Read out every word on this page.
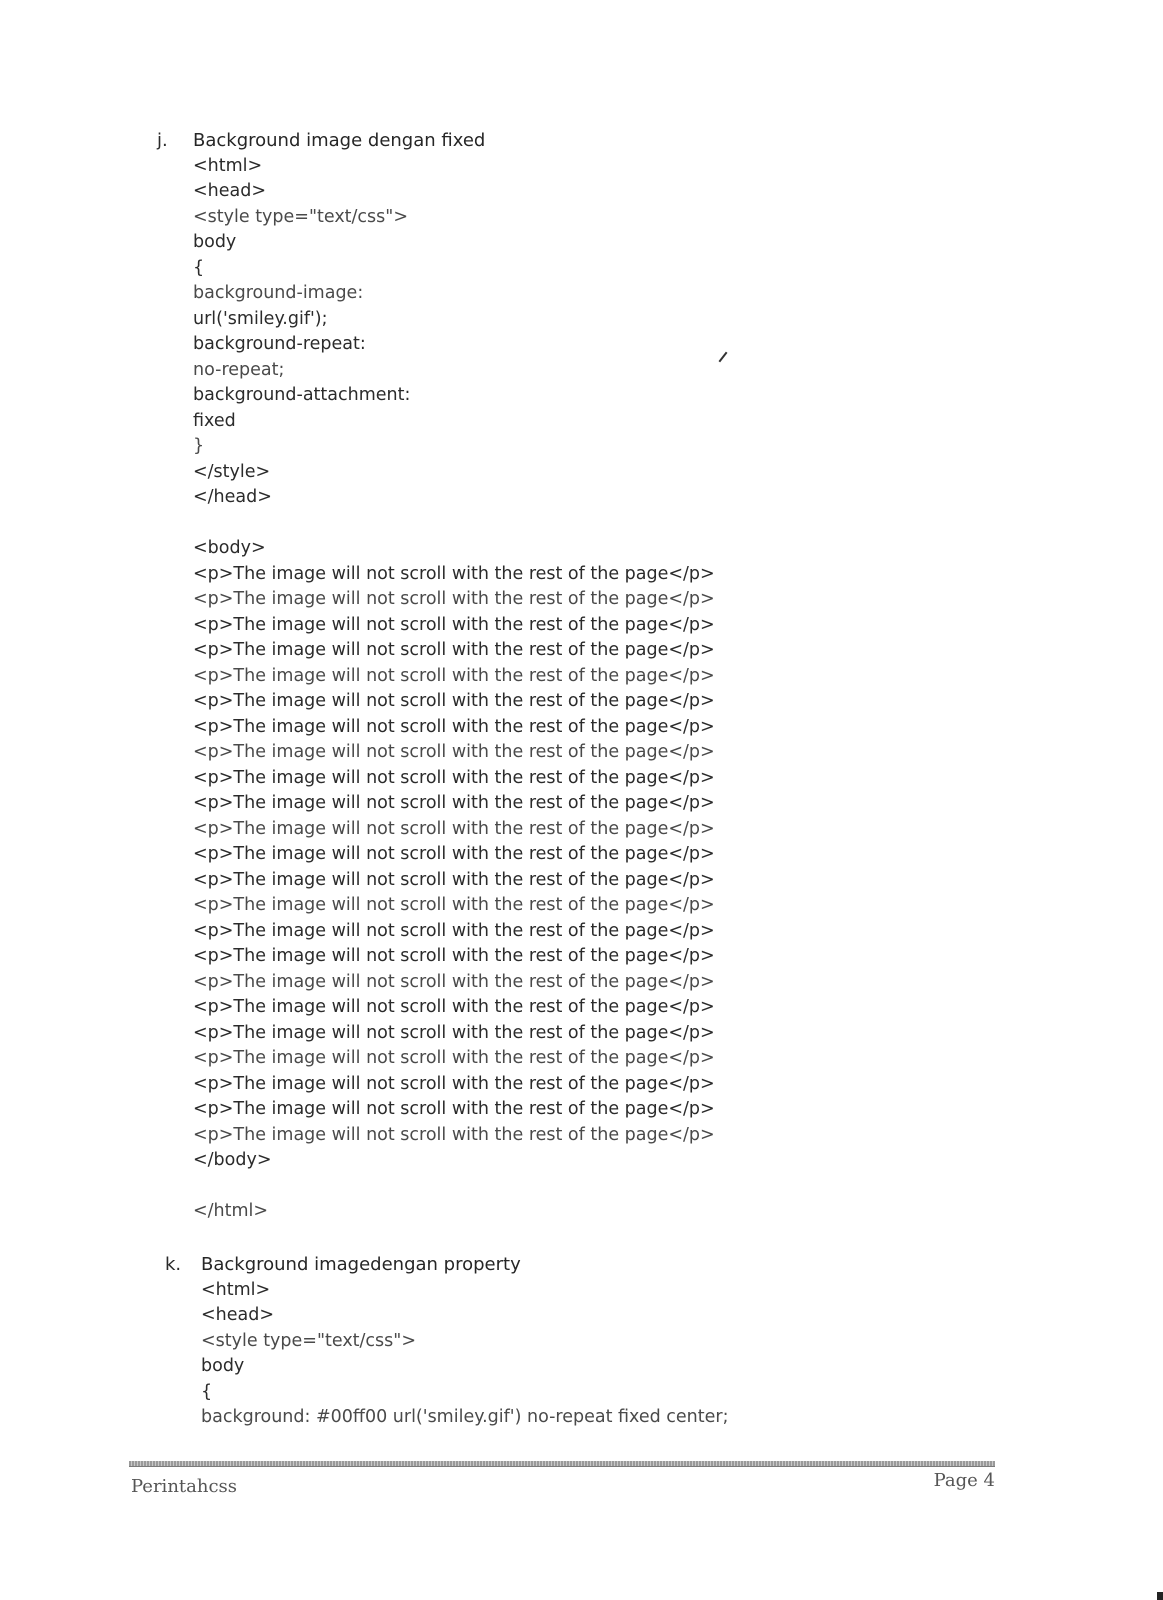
j. Background image dengan fixed
<html>
<head>
<style type="text/css">
body
{
background-image:
url('smiley.gif');
background-repeat:
no-repeat;
background-attachment:
fixed
}
</style>
</head>
<body>
<p>The image will not scroll with the rest of the page</p>
<p>The image will not scroll with the rest of the page</p>
<p>The image will not scroll with the rest of the page</p>
<p>The image will not scroll with the rest of the page</p>
<p>The image will not scroll with the rest of the page</p>
<p>The image will not scroll with the rest of the page</p>
<p>The image will not scroll with the rest of the page</p>
<p>The image will not scroll with the rest of the page</p>
<p>The image will not scroll with the rest of the page</p>
<p>The image will not scroll with the rest of the page</p>
<p>The image will not scroll with the rest of the page</p>
<p>The image will not scroll with the rest of the page</p>
<p>The image will not scroll with the rest of the page</p>
<p>The image will not scroll with the rest of the page</p>
<p>The image will not scroll with the rest of the page</p>
<p>The image will not scroll with the rest of the page</p>
<p>The image will not scroll with the rest of the page</p>
<p>The image will not scroll with the rest of the page</p>
<p>The image will not scroll with the rest of the page</p>
<p>The image will not scroll with the rest of the page</p>
<p>The image will not scroll with the rest of the page</p>
<p>The image will not scroll with the rest of the page</p>
<p>The image will not scroll with the rest of the page</p>
</body>
</html>
k. Background imagedengan property
<html>
<head>
<style type="text/css">
body
{
background: #00ff00 url('smiley.gif') no-repeat fixed center;
Perintahcss	Page 4
